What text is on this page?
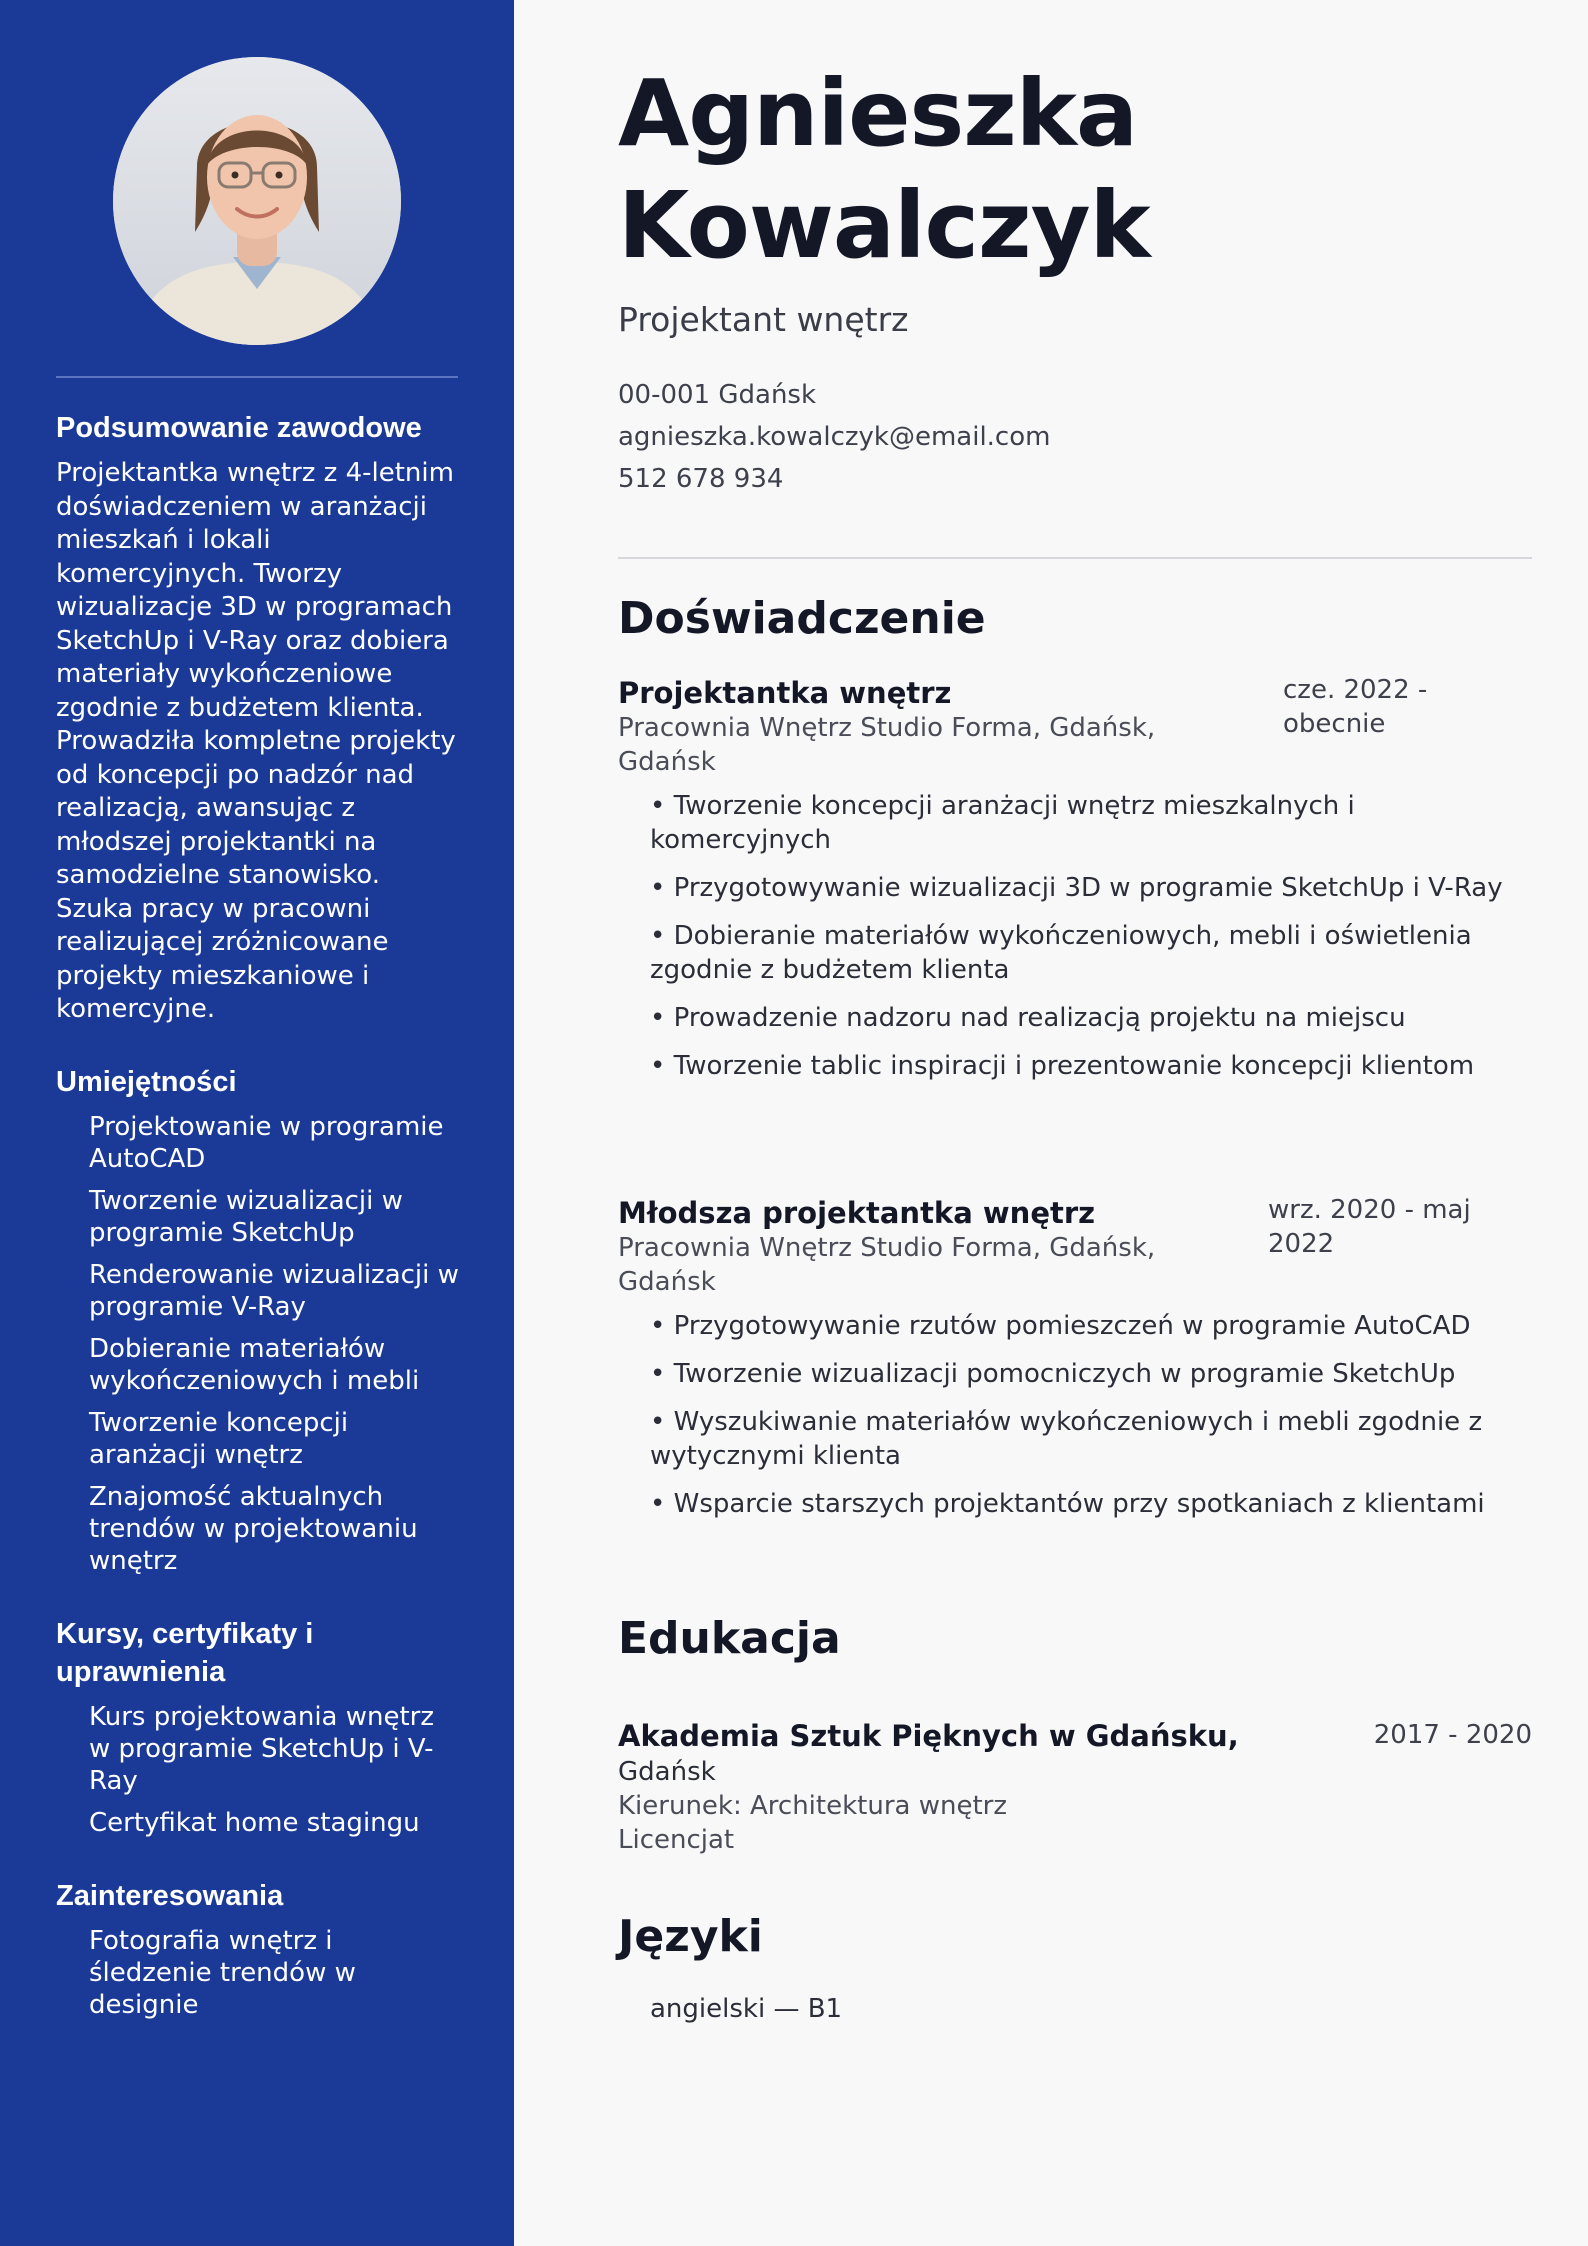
Podsumowanie zawodowe

Projektantka wnętrz z 4-letnim doświadczeniem w aranżacji mieszkań i lokali komercyjnych. Tworzy wizualizacje 3D w programach SketchUp i V-Ray oraz dobiera materiały wykończeniowe zgodnie z budżetem klienta. Prowadziła kompletne projekty od koncepcji po nadzór nad realizacją, awansując z młodszej projektantki na samodzielne stanowisko. Szuka pracy w pracowni realizującej zróżnicowane projekty mieszkaniowe i komercyjne.

Umiejętności
Projektowanie w programie AutoCAD
Tworzenie wizualizacji w programie SketchUp
Renderowanie wizualizacji w programie V-Ray
Dobieranie materiałów wykończeniowych i mebli
Tworzenie koncepcji aranżacji wnętrz
Znajomość aktualnych trendów w projektowaniu wnętrz
Kursy, certyfikaty i uprawnienia
Kurs projektowania wnętrz w programie SketchUp i V-Ray
Certyfikat home stagingu
Zainteresowania
Fotografia wnętrz i śledzenie trendów w designie
Agnieszka
Kowalczyk
Projektant wnętrz
00-001 Gdańsk
agnieszka.kowalczyk@email.com
512 678 934
Doświadczenie
Projektantka wnętrz
Pracownia Wnętrz Studio Forma, Gdańsk, Gdańsk
cze. 2022 - obecnie
• Tworzenie koncepcji aranżacji wnętrz mieszkalnych i komercyjnych
• Przygotowywanie wizualizacji 3D w programie SketchUp i V-Ray
• Dobieranie materiałów wykończeniowych, mebli i oświetlenia zgodnie z budżetem klienta
• Prowadzenie nadzoru nad realizacją projektu na miejscu
• Tworzenie tablic inspiracji i prezentowanie koncepcji klientom
Młodsza projektantka wnętrz
Pracownia Wnętrz Studio Forma, Gdańsk, Gdańsk
wrz. 2020 - maj 2022
• Przygotowywanie rzutów pomieszczeń w programie AutoCAD
• Tworzenie wizualizacji pomocniczych w programie SketchUp
• Wyszukiwanie materiałów wykończeniowych i mebli zgodnie z wytycznymi klienta
• Wsparcie starszych projektantów przy spotkaniach z klientami
Edukacja
Akademia Sztuk Pięknych w Gdańsku,
Gdańsk
Kierunek: Architektura wnętrz
Licencjat
2017 - 2020
Języki
angielski — B1
